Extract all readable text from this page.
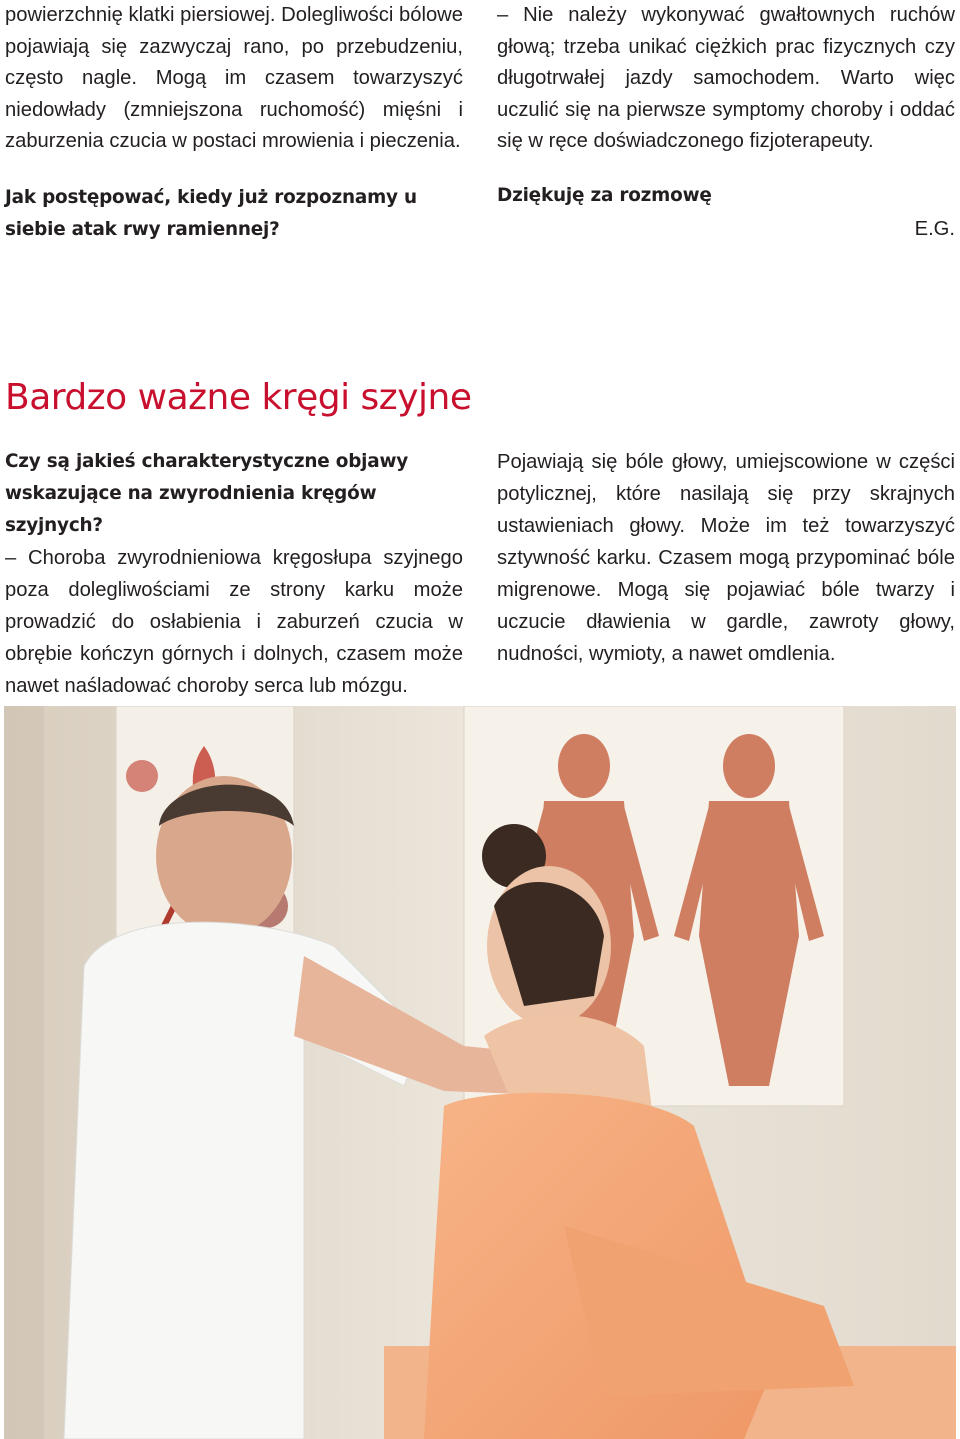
powierzchnię klatki piersiowej. Dolegliwości bólowe pojawiają się zazwyczaj rano, po przebudzeniu, często nagle. Mogą im czasem towarzyszyć niedowłady (zmniejszona ruchomość) mięśni i zaburzenia czucia w postaci mrowienia i pieczenia.

Jak postępować, kiedy już rozpoznamy u siebie atak rwy ramiennej?

– Nie należy wykonywać gwałtownych ruchów głową; trzeba unikać ciężkich prac fizycznych czy długotrwałej jazdy samochodem. Warto więc uczulić się na pierwsze symptomy choroby i oddać się w ręce doświadczonego fizjoterapeuty.

Dziękuję za rozmowę

E.G.

Bardzo ważne kręgi szyjne
Czy są jakieś charakterystyczne objawy wskazujące na zwyrodnienia kręgów szyjnych?

– Choroba zwyrodnieniowa kręgosłupa szyjnego poza dolegliwościami ze strony karku może prowadzić do osłabienia i zaburzeń czucia w obrębie kończyn górnych i dolnych, czasem może nawet naśladować choroby serca lub mózgu.

Pojawiają się bóle głowy, umiejscowione w części potylicznej, które nasilają się przy skrajnych ustawieniach głowy. Może im też towarzyszyć sztywność karku. Czasem mogą przypominać bóle migrenowe. Mogą się pojawiać bóle twarzy i uczucie dławienia w gardle, zawroty głowy, nudności, wymioty, a nawet omdlenia.
